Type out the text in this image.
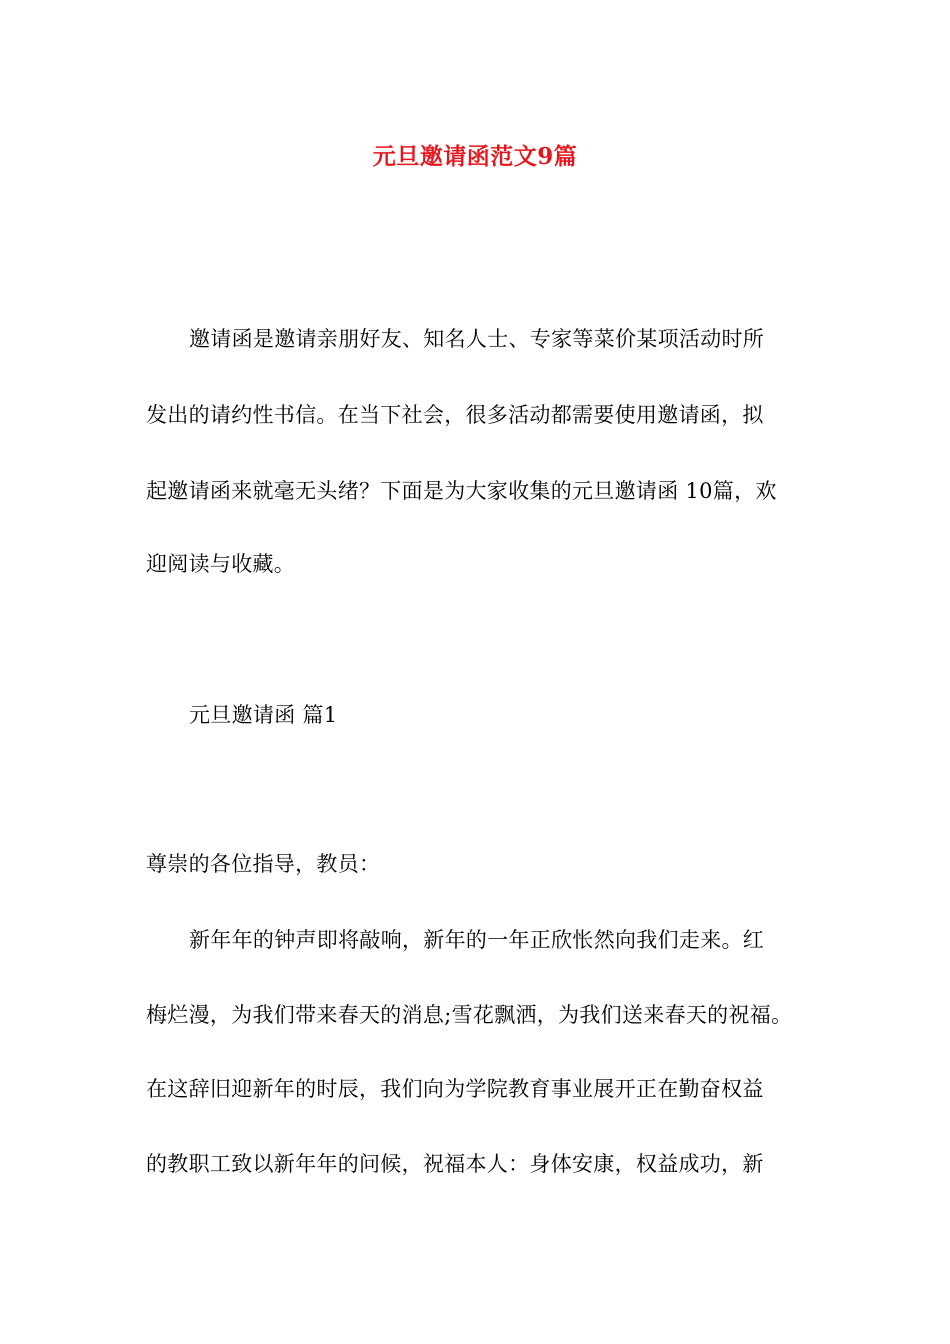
元旦邀请函范文9篇
邀请函是邀请亲朋好友、知名人士、专家等菜价某项活动时所
发出的请约性书信。在当下社会，很多活动都需要使用邀请函，拟
起邀请函来就毫无头绪？下面是为大家收集的元旦邀请函 10篇，欢
迎阅读与收藏。
元旦邀请函 篇1
尊崇的各位指导，教员：
新年年的钟声即将敲响，新年的一年正欣怅然向我们走来。红
梅烂漫，为我们带来春天的消息;雪花飘洒，为我们送来春天的祝福。
在这辞旧迎新年的时辰，我们向为学院教育事业展开正在勤奋权益
的教职工致以新年年的问候，祝福本人：身体安康，权益成功，新
